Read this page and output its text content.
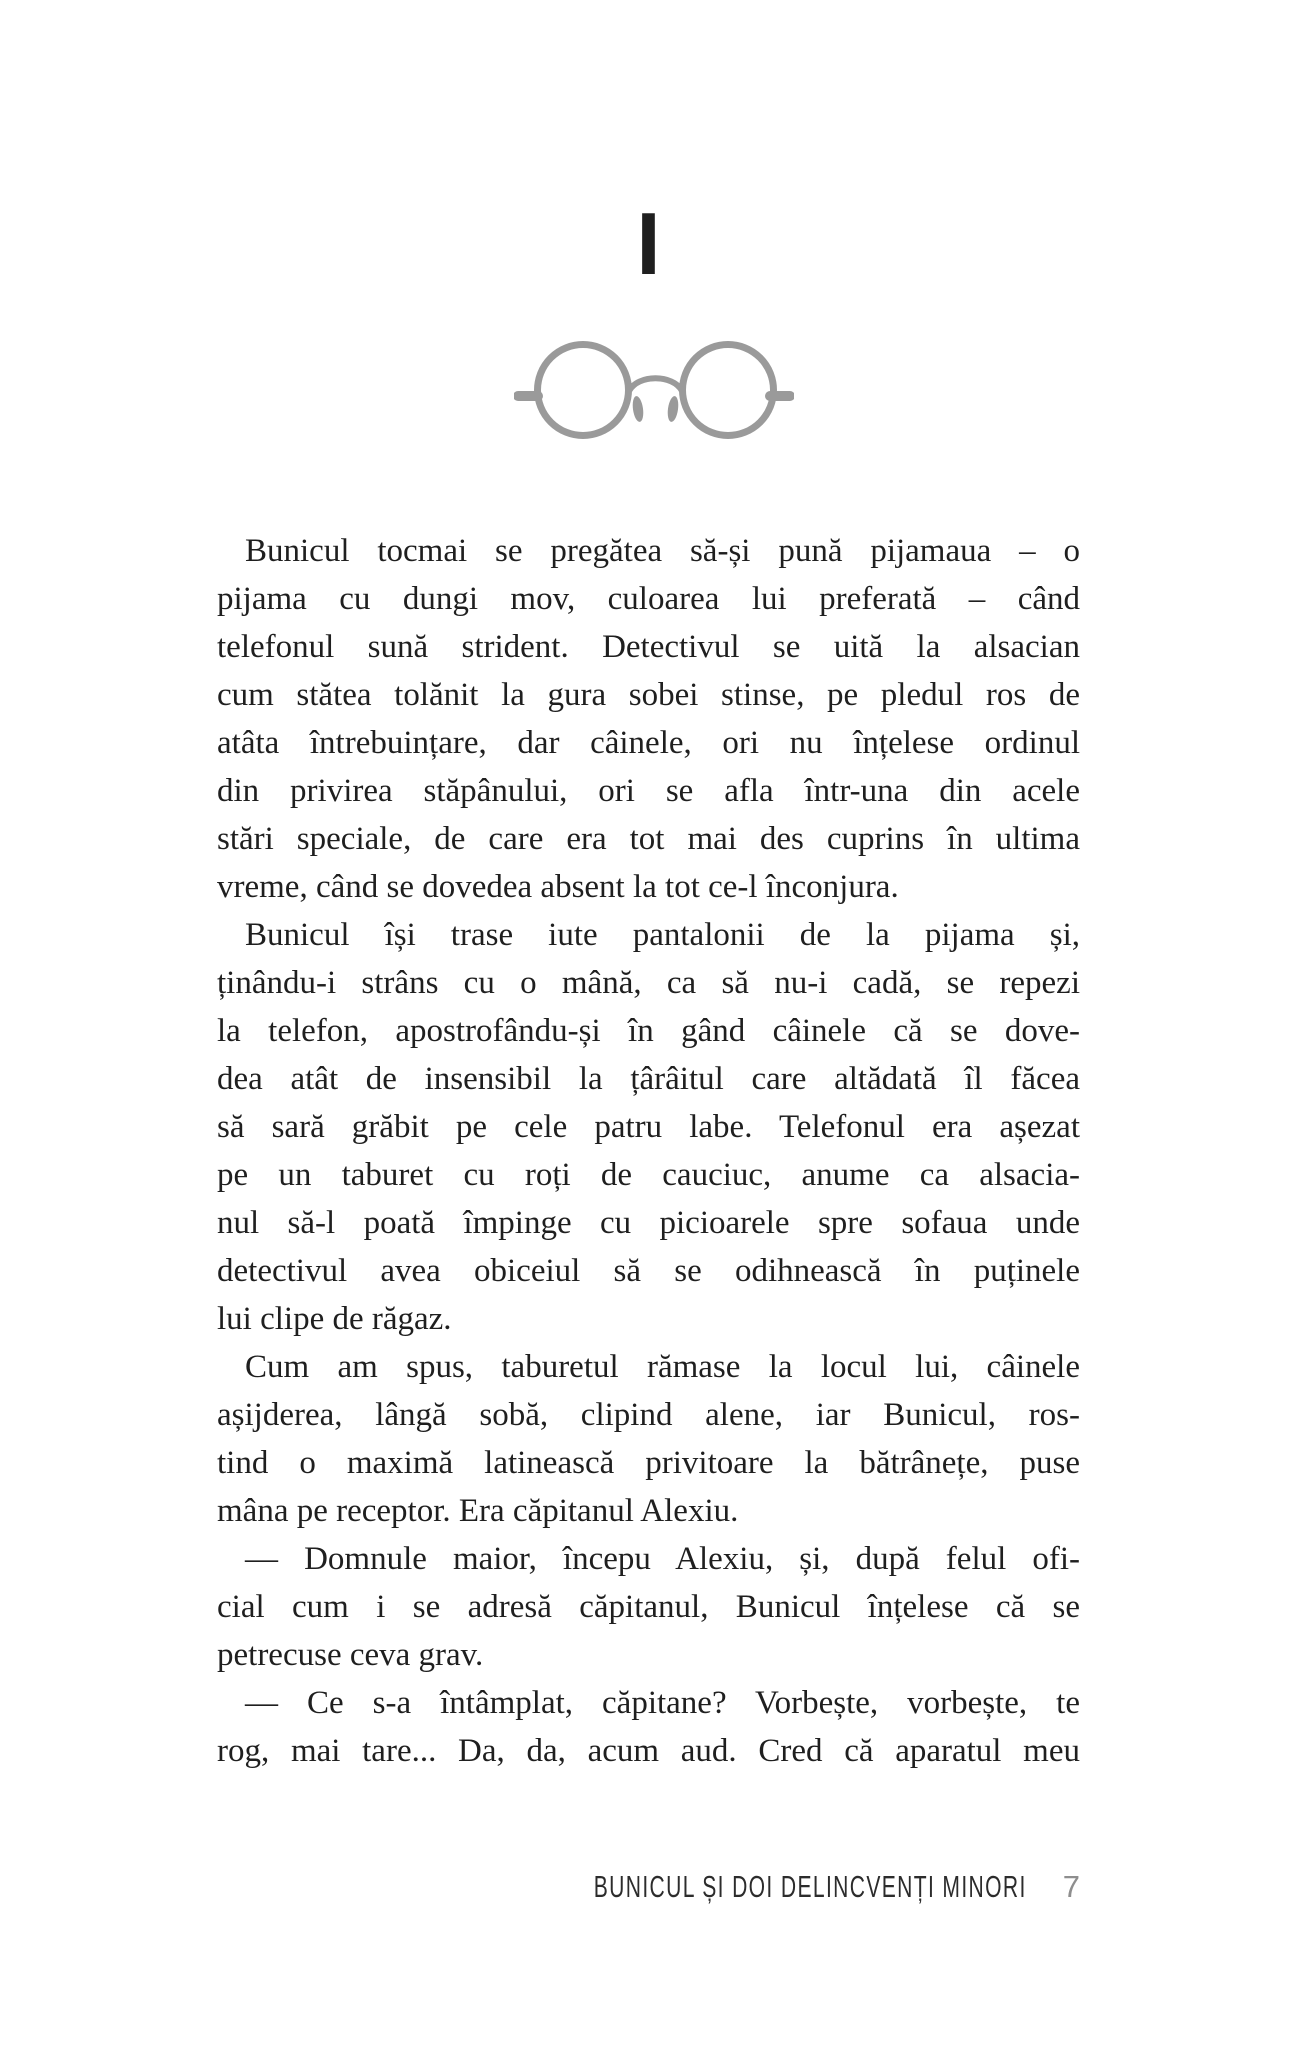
I
Bunicul tocmai se pregătea să-și pună pijamaua – o
pijama cu dungi mov, culoarea lui preferată – când
telefonul sună strident. Detectivul se uită la alsacian
cum stătea tolănit la gura sobei stinse, pe pledul ros de
atâta întrebuințare, dar câinele, ori nu înțelese ordinul
din privirea stăpânului, ori se afla într-una din acele
stări speciale, de care era tot mai des cuprins în ultima
vreme, când se dovedea absent la tot ce-l înconjura.
Bunicul își trase iute pantalonii de la pijama și,
ținându-i strâns cu o mână, ca să nu-i cadă, se repezi
la telefon, apostrofându-și în gând câinele că se dove-
dea atât de insensibil la țârâitul care altădată îl făcea
să sară grăbit pe cele patru labe. Telefonul era așezat
pe un taburet cu roți de cauciuc, anume ca alsacia-
nul să-l poată împinge cu picioarele spre sofaua unde
detectivul avea obiceiul să se odihnească în puținele
lui clipe de răgaz.
Cum am spus, taburetul rămase la locul lui, câinele
așijderea, lângă sobă, clipind alene, iar Bunicul, ros-
tind o maximă latinească privitoare la bătrânețe, puse
mâna pe receptor. Era căpitanul Alexiu.
— Domnule maior, începu Alexiu, și, după felul ofi-
cial cum i se adresă căpitanul, Bunicul înțelese că se
petrecuse ceva grav.
— Ce s-a întâmplat, căpitane? Vorbește, vorbește, te
rog, mai tare... Da, da, acum aud. Cred că aparatul meu
BUNICUL ȘI DOI DELINCVENȚI MINORI 7
